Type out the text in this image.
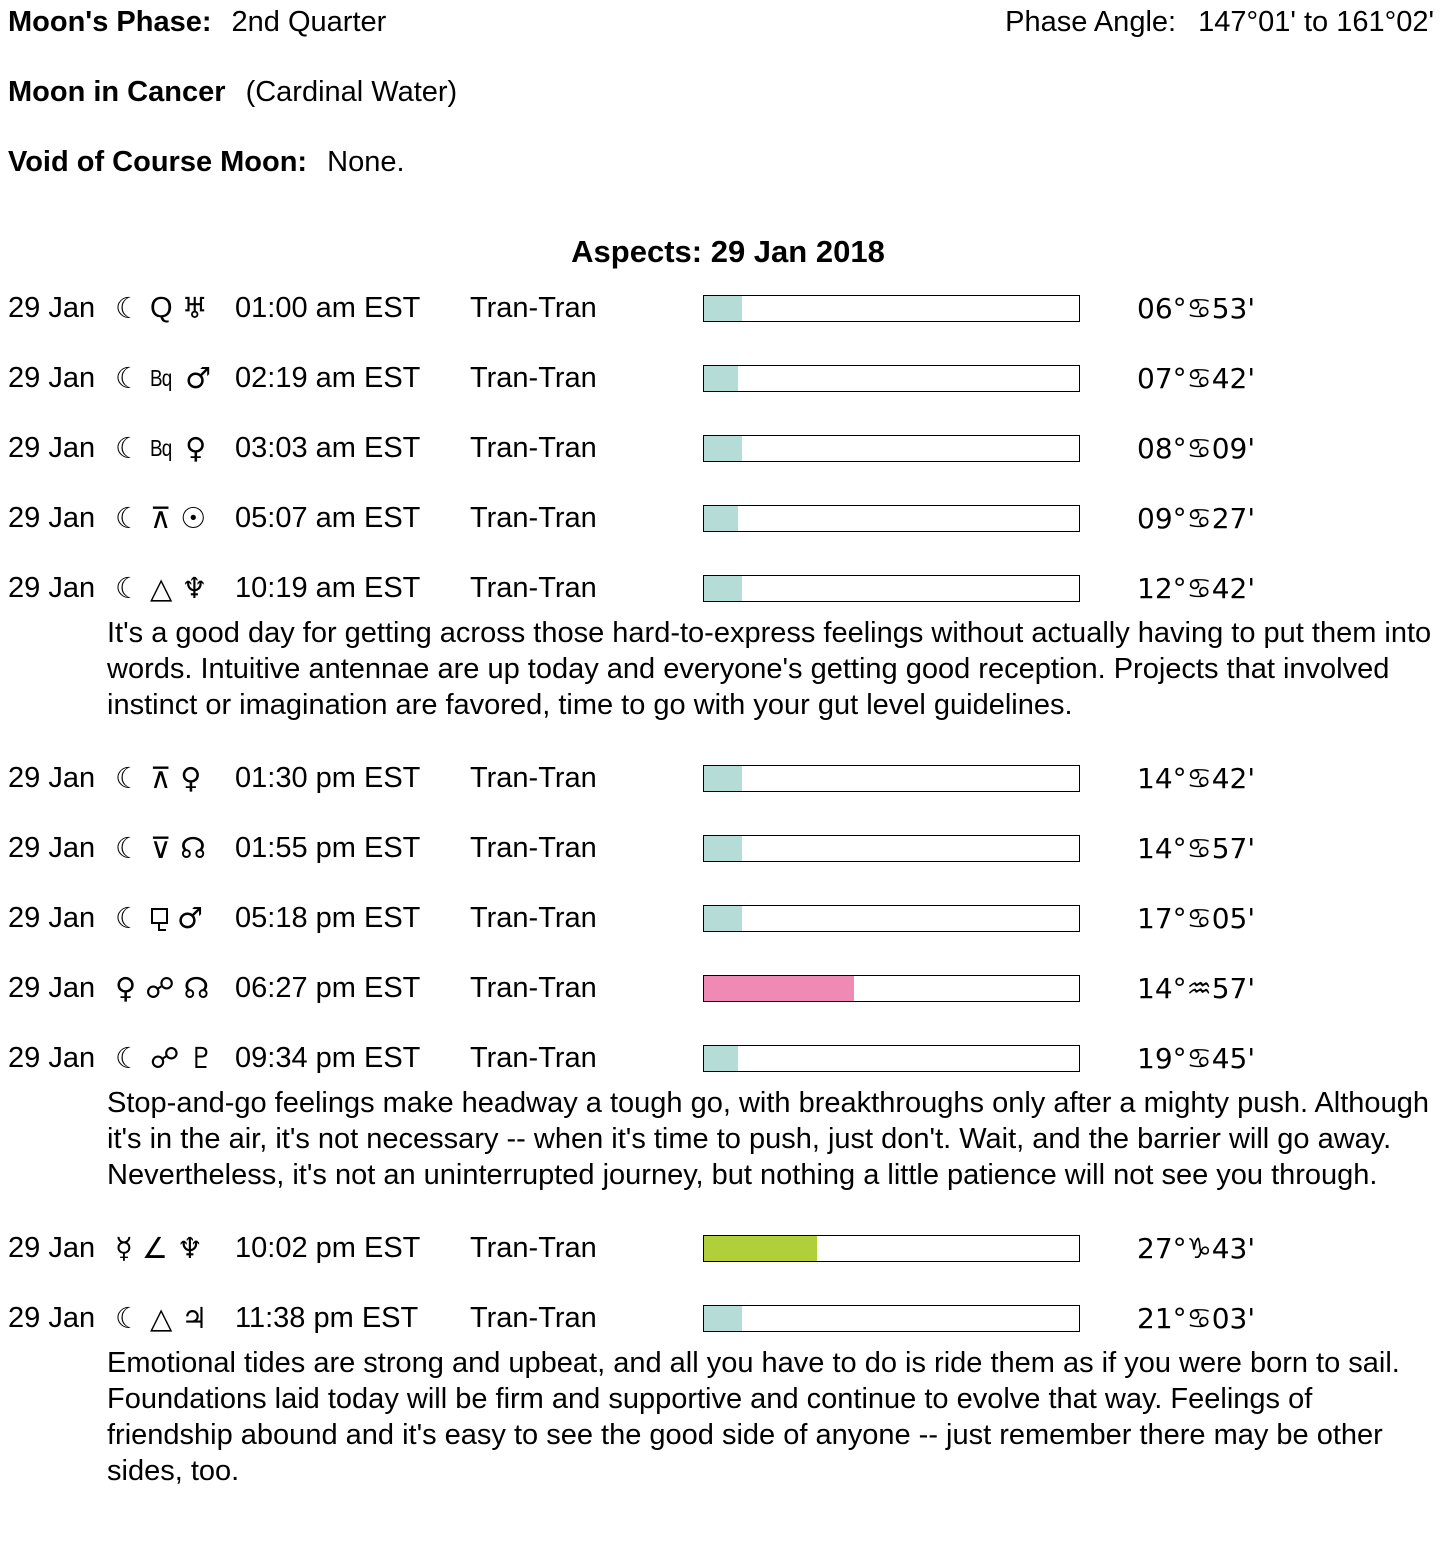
Moon's Phase: 2nd Quarter	Phase Angle: 147°01' to 161°02'
Moon in Cancer (Cardinal Water)
Void of Course Moon: None.
Aspects: 29 Jan 2018
29 Jan ☾ Q ♅ 01:00 am EST	Tran-Tran	06°♋53'
29 Jan ☾ Bq ♂ 02:19 am EST	Tran-Tran	07°♋42'
29 Jan ☾ Bq ♀ 03:03 am EST	Tran-Tran	08°♋09'
29 Jan ☾ ⊼ ☉ 05:07 am EST	Tran-Tran	09°♋27'
29 Jan ☾ △ ♆ 10:19 am EST	Tran-Tran	12°♋42'
It's a good day for getting across those hard-to-express feelings without actually having to put them into words. Intuitive antennae are up today and everyone's getting good reception. Projects that involved instinct or imagination are favored, time to go with your gut level guidelines.
29 Jan ☾ ⊼ ♀ 01:30 pm EST	Tran-Tran	14°♋42'
29 Jan ☾ ⊽ ☊ 01:55 pm EST	Tran-Tran	14°♋57'
29 Jan ☾ ♂ 05:18 pm EST	Tran-Tran	17°♋05'
29 Jan ♀ ☍ ☊ 06:27 pm EST	Tran-Tran	14°♒57'
29 Jan ☾ ☍ ♇ 09:34 pm EST	Tran-Tran	19°♋45'
Stop-and-go feelings make headway a tough go, with breakthroughs only after a mighty push. Although it's in the air, it's not necessary -- when it's time to push, just don't. Wait, and the barrier will go away. Nevertheless, it's not an uninterrupted journey, but nothing a little patience will not see you through.
29 Jan ☿ ∠ ♆ 10:02 pm EST	Tran-Tran	27°♑43'
29 Jan ☾ △ ♃ 11:38 pm EST	Tran-Tran	21°♋03'
Emotional tides are strong and upbeat, and all you have to do is ride them as if you were born to sail. Foundations laid today will be firm and supportive and continue to evolve that way. Feelings of friendship abound and it's easy to see the good side of anyone -- just remember there may be other sides, too.
